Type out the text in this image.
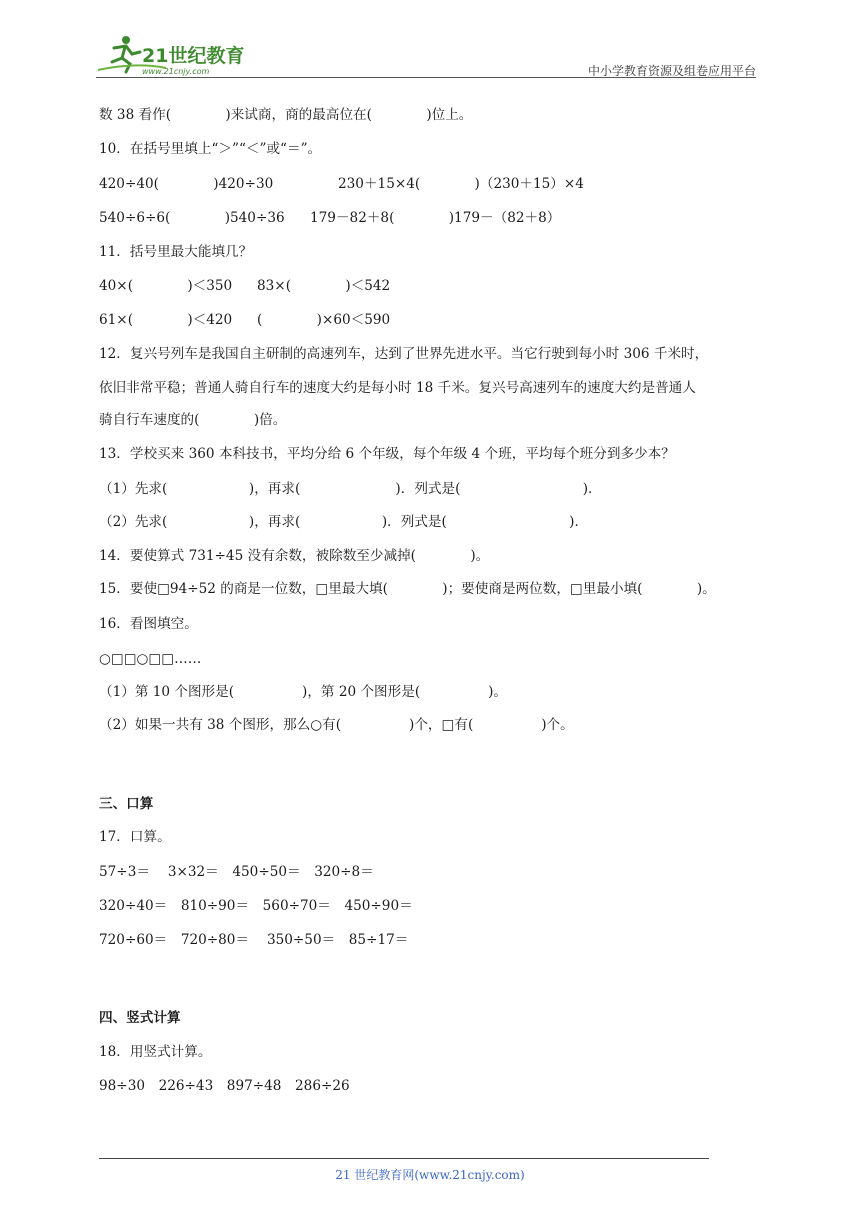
21世纪教育
www.21cnjy.com	中小学教育资源及组卷应用平台
数 38 看作(　　　　)来试商，商的最高位在(　　　　)位上。
10．在括号里填上“＞”“＜”或“＝”。
420÷40(　　　　)420÷30	230＋15×4(　　　　)（230＋15）×4
540÷6÷6(　　　　)540÷36 179－82＋8(　　　　)179－（82＋8）
11．括号里最大能填几？
40×(　　　　)＜350 83×(　　　　)＜542
61×(　　　　)＜420 (　　　　)×60＜590
12．复兴号列车是我国自主研制的高速列车，达到了世界先进水平。当它行驶到每小时 306 千米时，
依旧非常平稳；普通人骑自行车的速度大约是每小时 18 千米。复兴号高速列车的速度大约是普通人
骑自行车速度的(　　　　)倍。
13．学校买来 360 本科技书，平均分给 6 个年级，每个年级 4 个班，平均每个班分到多少本？
（1）先求(　　　　　　)，再求(　　　　　　　)．列式是(　　　　　　　　　)．
（2）先求(　　　　　　)，再求(　　　　　　)．列式是(　　　　　　　　　)．
14．要使算式 731÷45 没有余数，被除数至少减掉(　　　　)。
15．要使□94÷52 的商是一位数，□里最大填(　　　　)；要使商是两位数，□里最小填(　　　　)。
16．看图填空。
○□□○□□……
（1）第 10 个图形是(　　　　　)，第 20 个图形是(　　　　　)。
（2）如果一共有 38 个图形，那么○有(　　　　　)个，□有(　　　　　)个。
三、口算
17．口算。
57÷3＝　 3×32＝　450÷50＝　320÷8＝
320÷40＝　810÷90＝　560÷70＝　450÷90＝
720÷60＝　720÷80＝　 350÷50＝　85÷17＝
四、竖式计算
18．用竖式计算。
98÷30　226÷43　897÷48　286÷26
21 世纪教育网(www.21cnjy.com)
